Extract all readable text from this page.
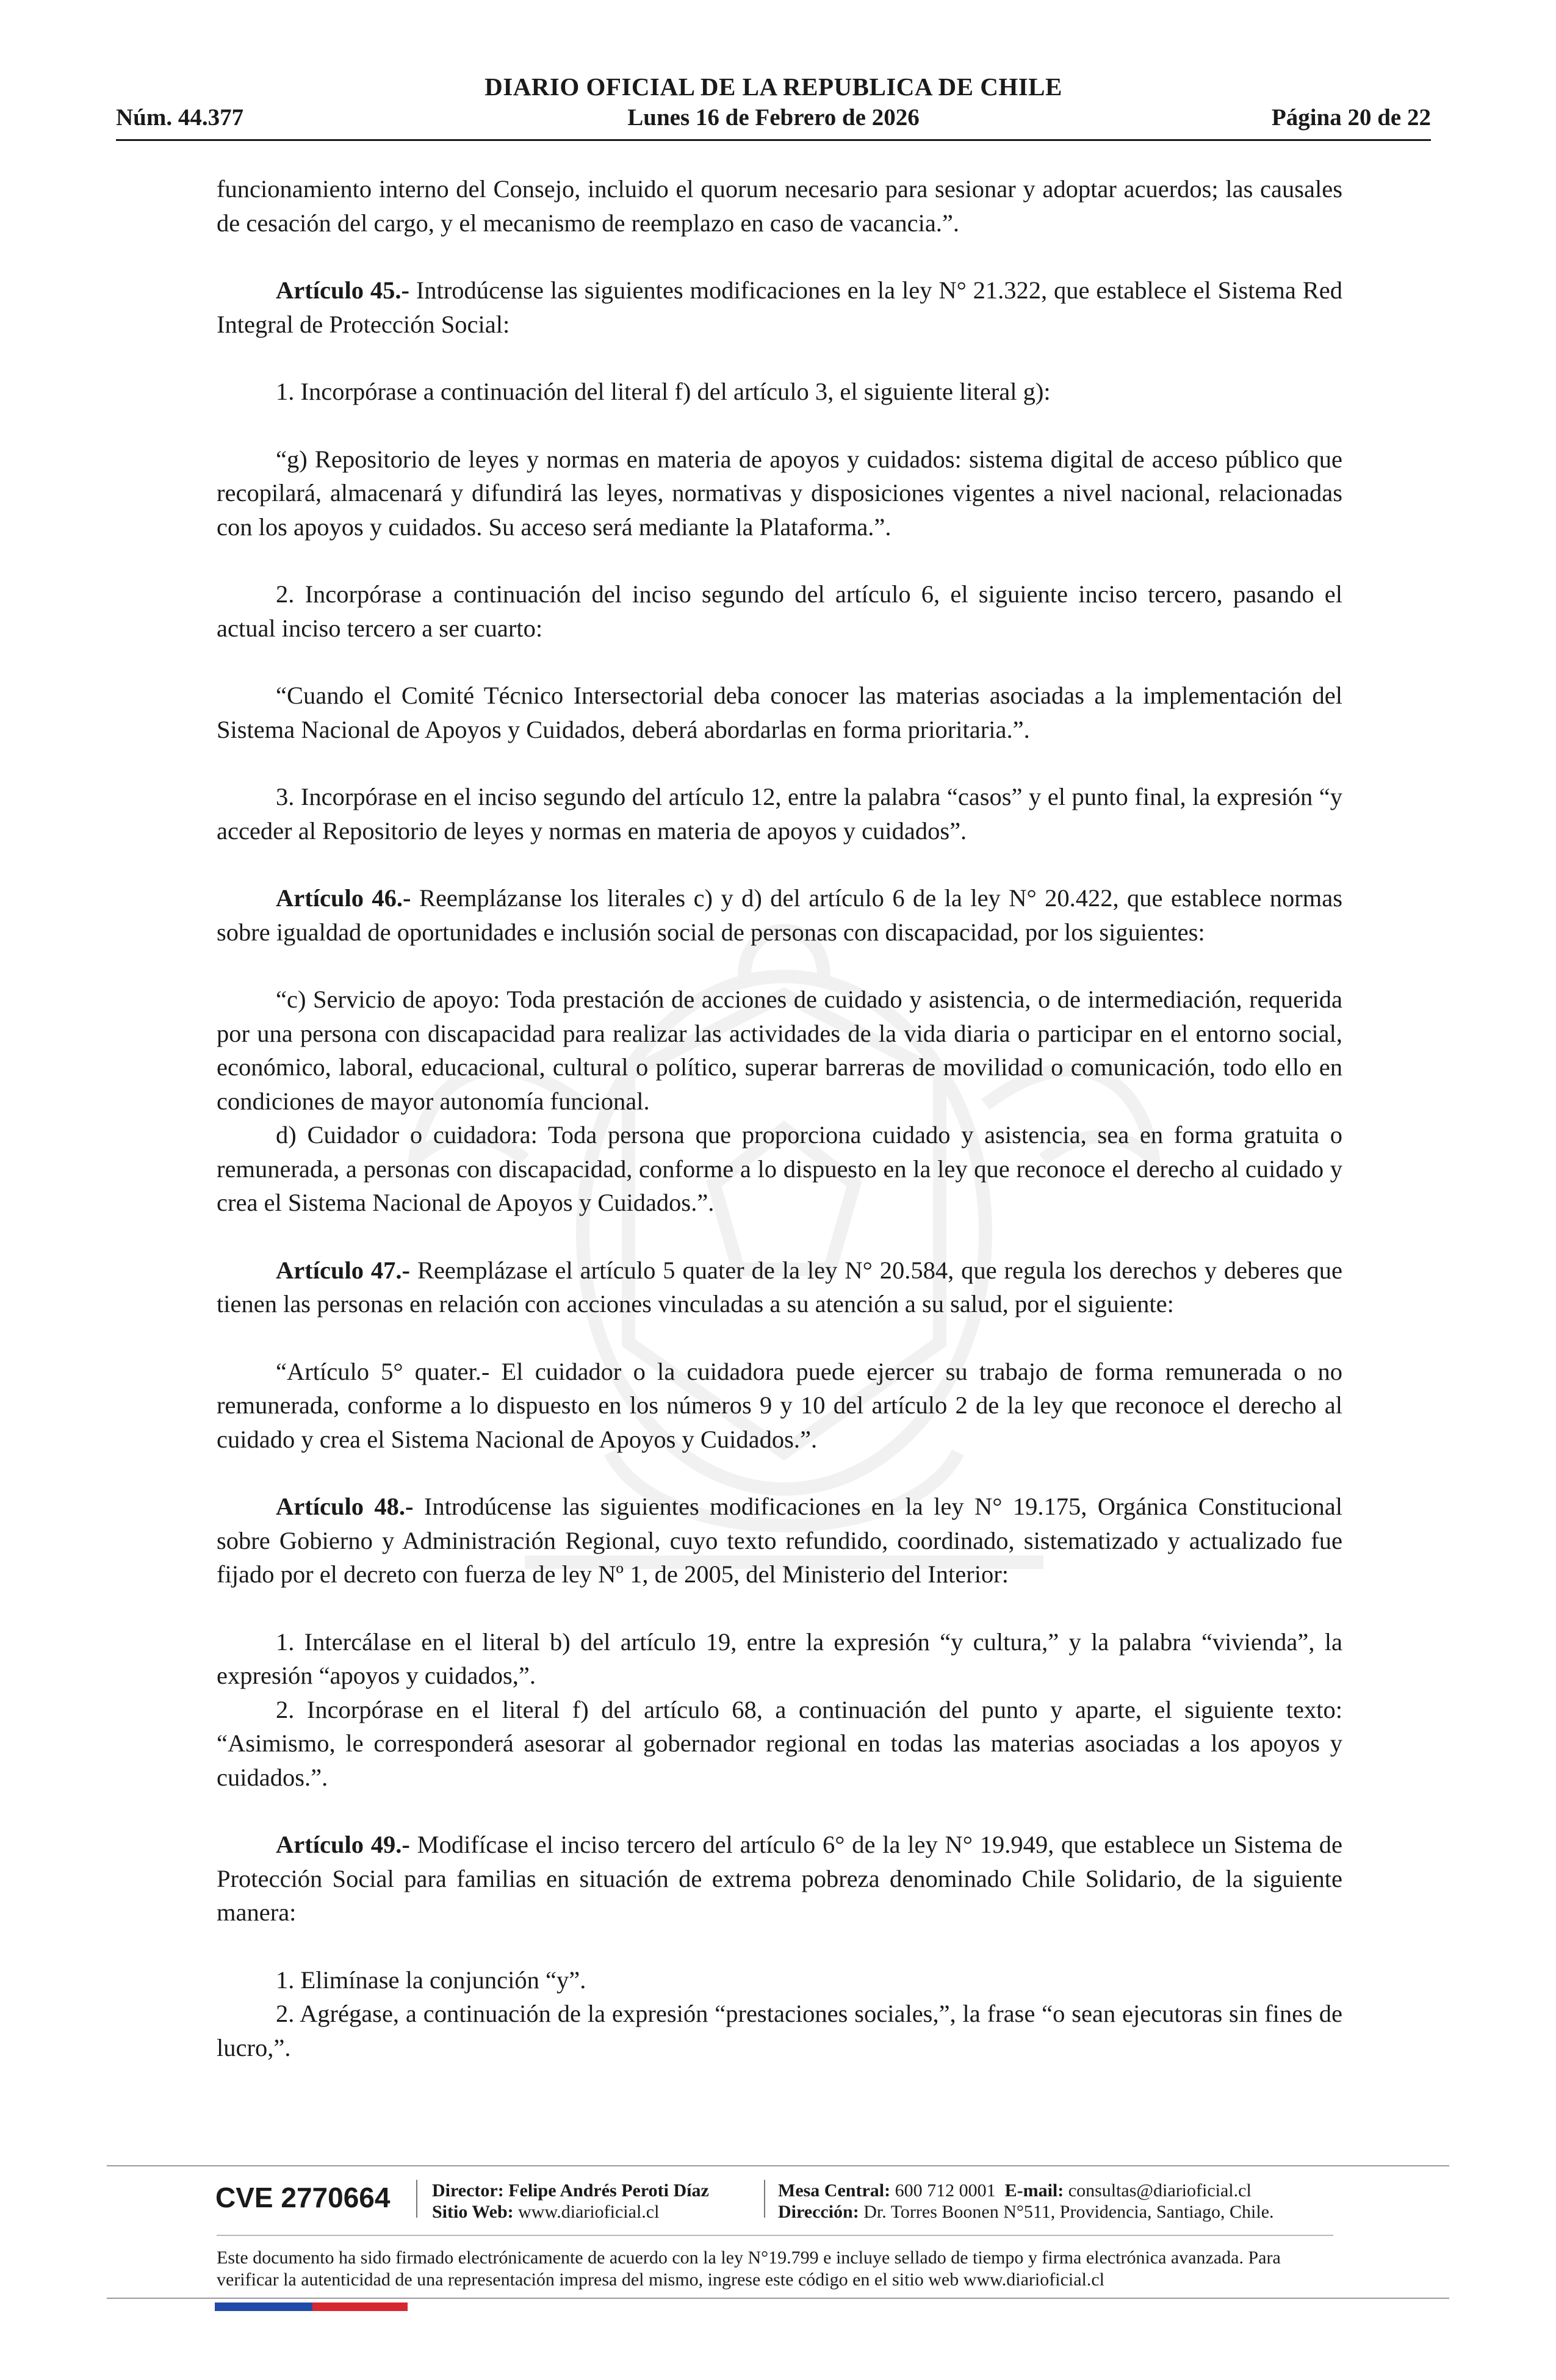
DIARIO OFICIAL DE LA REPUBLICA DE CHILE
Núm. 44.377	Lunes 16 de Febrero de 2026	Página 20 de 22

funcionamiento interno del Consejo, incluido el quorum necesario para sesionar y adoptar acuerdos; las causales de cesación del cargo, y el mecanismo de reemplazo en caso de vacancia.”.

Artículo 45.- Introdúcense las siguientes modificaciones en la ley N° 21.322, que establece el Sistema Red Integral de Protección Social:

1. Incorpórase a continuación del literal f) del artículo 3, el siguiente literal g):

“g) Repositorio de leyes y normas en materia de apoyos y cuidados: sistema digital de acceso público que recopilará, almacenará y difundirá las leyes, normativas y disposiciones vigentes a nivel nacional, relacionadas con los apoyos y cuidados. Su acceso será mediante la Plataforma.”.

2. Incorpórase a continuación del inciso segundo del artículo 6, el siguiente inciso tercero, pasando el actual inciso tercero a ser cuarto:

“Cuando el Comité Técnico Intersectorial deba conocer las materias asociadas a la implementación del Sistema Nacional de Apoyos y Cuidados, deberá abordarlas en forma prioritaria.”.

3. Incorpórase en el inciso segundo del artículo 12, entre la palabra “casos” y el punto final, la expresión “y acceder al Repositorio de leyes y normas en materia de apoyos y cuidados”.

Artículo 46.- Reemplázanse los literales c) y d) del artículo 6 de la ley N° 20.422, que establece normas sobre igualdad de oportunidades e inclusión social de personas con discapacidad, por los siguientes:

“c) Servicio de apoyo: Toda prestación de acciones de cuidado y asistencia, o de intermediación, requerida por una persona con discapacidad para realizar las actividades de la vida diaria o participar en el entorno social, económico, laboral, educacional, cultural o político, superar barreras de movilidad o comunicación, todo ello en condiciones de mayor autonomía funcional.

d) Cuidador o cuidadora: Toda persona que proporciona cuidado y asistencia, sea en forma gratuita o remunerada, a personas con discapacidad, conforme a lo dispuesto en la ley que reconoce el derecho al cuidado y crea el Sistema Nacional de Apoyos y Cuidados.”.

Artículo 47.- Reemplázase el artículo 5 quater de la ley N° 20.584, que regula los derechos y deberes que tienen las personas en relación con acciones vinculadas a su atención a su salud, por el siguiente:

“Artículo 5° quater.- El cuidador o la cuidadora puede ejercer su trabajo de forma remunerada o no remunerada, conforme a lo dispuesto en los números 9 y 10 del artículo 2 de la ley que reconoce el derecho al cuidado y crea el Sistema Nacional de Apoyos y Cuidados.”.

Artículo 48.- Introdúcense las siguientes modificaciones en la ley N° 19.175, Orgánica Constitucional sobre Gobierno y Administración Regional, cuyo texto refundido, coordinado, sistematizado y actualizado fue fijado por el decreto con fuerza de ley Nº 1, de 2005, del Ministerio del Interior:

1. Intercálase en el literal b) del artículo 19, entre la expresión “y cultura,” y la palabra “vivienda”, la expresión “apoyos y cuidados,”.

2. Incorpórase en el literal f) del artículo 68, a continuación del punto y aparte, el siguiente texto: “Asimismo, le corresponderá asesorar al gobernador regional en todas las materias asociadas a los apoyos y cuidados.”.

Artículo 49.- Modifícase el inciso tercero del artículo 6° de la ley N° 19.949, que establece un Sistema de Protección Social para familias en situación de extrema pobreza denominado Chile Solidario, de la siguiente manera:

1. Elimínase la conjunción “y”.

2. Agrégase, a continuación de la expresión “prestaciones sociales,”, la frase “o sean ejecutoras sin fines de lucro,”.

CVE 2770664 Director: Felipe Andrés Peroti Díaz
Sitio Web: www.diarioficial.cl
Mesa Central: 600 712 0001 E-mail: consultas@diarioficial.cl
Dirección: Dr. Torres Boonen N°511, Providencia, Santiago, Chile.
Este documento ha sido firmado electrónicamente de acuerdo con la ley N°19.799 e incluye sellado de tiempo y firma electrónica avanzada. Para verificar la autenticidad de una representación impresa del mismo, ingrese este código en el sitio web www.diarioficial.cl
